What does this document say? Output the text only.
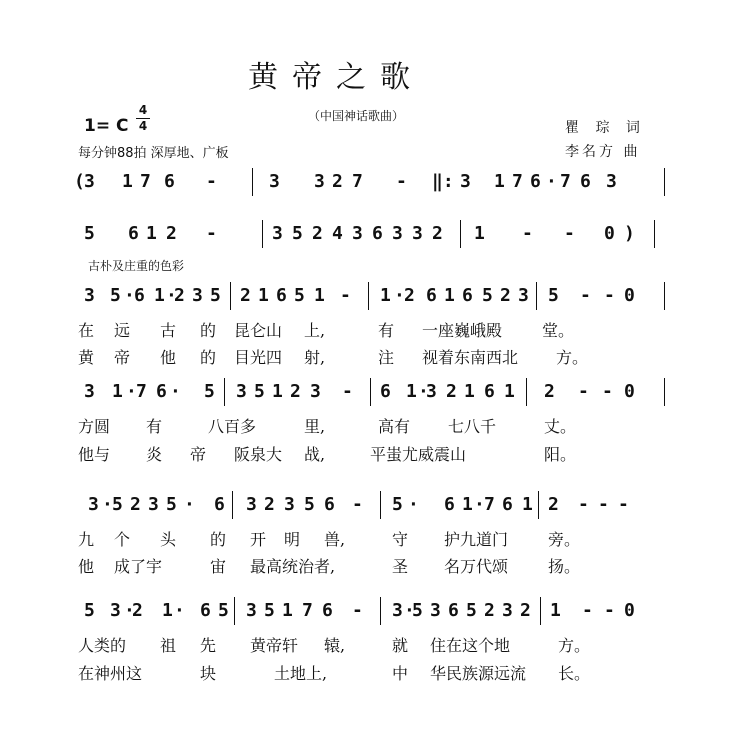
黄帝之歌
1= C
4
4
（中国神话歌曲）
瞿 琮 词
李名方 曲
每分钟88拍 深厚地、广板
古朴及庄重的色彩
( 3 1 7 6 -	3 3 2 7 - ‖: 3 1 7 6 · 7 6 3
5 6 1 2 -	3 5 2 4 3 6 3 3 2 1 - - 0 )
3 5 · 6 1 ·
2 3 5 2 1 6 5 1 - 1 · 2 6 1 6 5 2 3 5 - - 0
在 远 古 的 昆仑山 上,	有 一座巍峨殿 堂。
黄 帝 他 的 目光四 射,	注 视着东南西北 方。
3 1 · 7 6 · 5 3 5 1 2 3 - 6 1 ·
3 2 1 6 1 2 - - 0
方圆 有	八百多	里,	高有 七八千	丈。
他与 炎 帝 阪泉大 战,	平蚩尤威震山	阳。
3 · 5 2 3 5 · 6 3 2 3 5 6 - 5 · 6 1 · 7 6 1 2 - - -
九 个 头 的 开 明 兽,	守 护九道门 旁。
他 成了宇	宙 最高统治者,	圣 名万代颂 扬。
5 3 ·
2 1 · 6 5 3 5 1 7 6 - 3 ·
5 3 6 5 2 3 2 1 - - 0
人类的 祖 先 黄帝轩 辕,	就 住在这个地	方。
在神州这	块	土地上,	中 华民族源远流 长。
